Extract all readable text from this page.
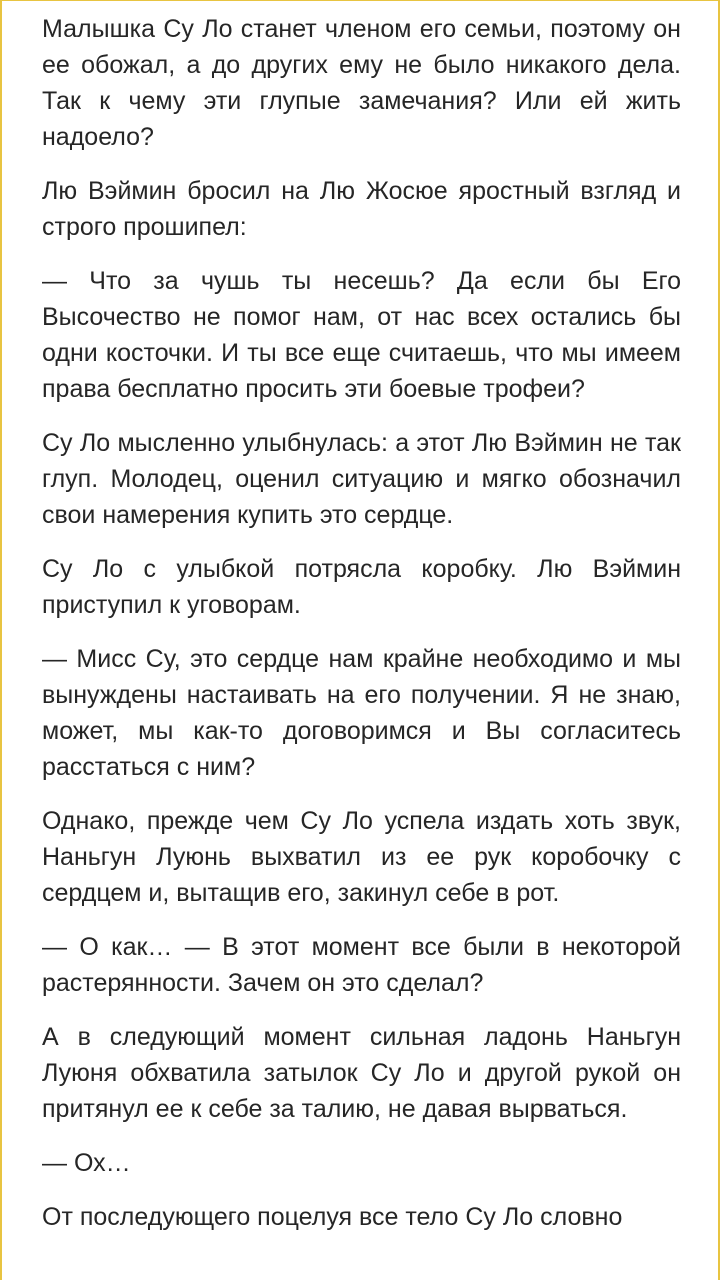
Малышка Су Ло станет членом его семьи, поэтому он ее обожал, а до других ему не было никакого дела. Так к чему эти глупые замечания? Или ей жить надоело?

Лю Вэймин бросил на Лю Жосюе яростный взгляд и строго прошипел:

— Что за чушь ты несешь? Да если бы Его Высочество не помог нам, от нас всех остались бы одни косточки. И ты все еще считаешь, что мы имеем права бесплатно просить эти боевые трофеи?

Су Ло мысленно улыбнулась: а этот Лю Вэймин не так глуп. Молодец, оценил ситуацию и мягко обозначил свои намерения купить это сердце.

Су Ло с улыбкой потрясла коробку. Лю Вэймин приступил к уговорам.

— Мисс Су, это сердце нам крайне необходимо и мы вынуждены настаивать на его получении. Я не знаю, может, мы как-то договоримся и Вы согласитесь расстаться с ним?

Однако, прежде чем Су Ло успела издать хоть звук, Наньгун Луюнь выхватил из ее рук коробочку с сердцем и, вытащив его, закинул себе в рот.

— О как… — В этот момент все были в некоторой растерянности. Зачем он это сделал?

А в следующий момент сильная ладонь Наньгун Луюня обхватила затылок Су Ло и другой рукой он притянул ее к себе за талию, не давая вырваться.

— Ох…

От последующего поцелуя все тело Су Ло словно
